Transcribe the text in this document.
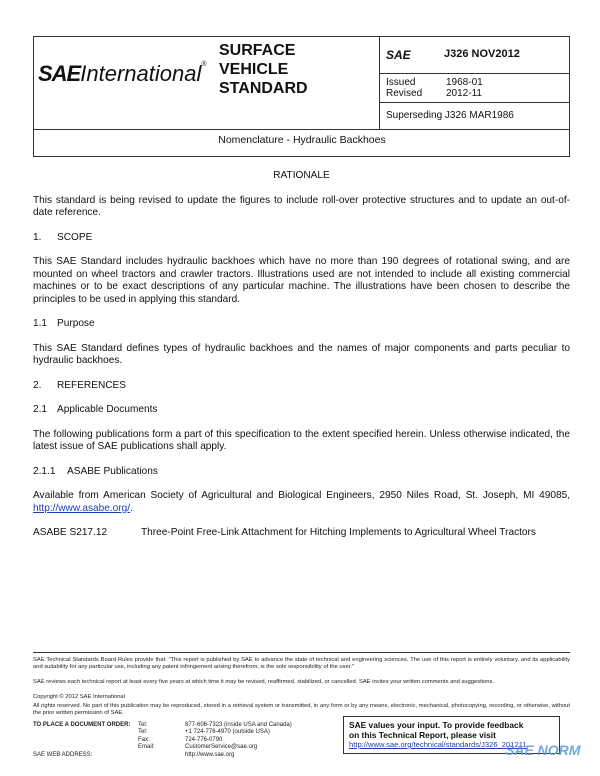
SAEInternational®
SURFACE
VEHICLE
STANDARD
SAE	J326 NOV2012
Issued	1968-01
Revised 2012-11
Superseding J326 MAR1986
Nomenclature - Hydraulic Backhoes
RATIONALE

This standard is being revised to update the figures to include roll-over protective structures and to update an out-of-date reference.

1. SCOPE

This SAE Standard includes hydraulic backhoes which have no more than 190 degrees of rotational swing, and are mounted on wheel tractors and crawler tractors. Illustrations used are not intended to include all existing commercial machines or to be exact descriptions of any particular machine. The illustrations have been chosen to describe the principles to be used in applying this standard.

1.1 Purpose

This SAE Standard defines types of hydraulic backhoes and the names of major components and parts peculiar to hydraulic backhoes.

2. REFERENCES
2.1 Applicable Documents

The following publications form a part of this specification to the extent specified herein. Unless otherwise indicated, the latest issue of SAE publications shall apply.

2.1.1 ASABE Publications

Available from American Society of Agricultural and Biological Engineers, 2950 Niles Road, St. Joseph, MI 49085, http://www.asabe.org/.

ASABE S217.12	Three-Point Free-Link Attachment for Hitching Implements to Agricultural Wheel Tractors
SAE Technical Standards Board Rules provide that: "This report is published by SAE to advance the state of technical and engineering sciences. The use of this report is entirely voluntary, and its applicability and suitability for any particular use, including any patent infringement arising therefrom, is the sole responsibility of the user."
SAE reviews each technical report at least every five years at which time it may be revised, reaffirmed, stabilized, or cancelled. SAE invites your written comments and suggestions.
Copyright © 2012 SAE International
All rights reserved. No part of this publication may be reproduced, stored in a retrieval system or transmitted, in any form or by any means, electronic, mechanical, photocopying, recording, or otherwise, without the prior written permission of SAE.
TO PLACE A DOCUMENT ORDER: Tel:	877-606-7323 (inside USA and Canada)
Tel:	+1 724-776-4970 (outside USA)
Fax:	724-776-0790
Email:	CustomerService@sae.org
SAE WEB ADDRESS:	http://www.sae.org
SAE values your input. To provide feedback
on this Technical Report, please visit
http://www.sae.org/technical/standards/J326_201211
SAE NORM
